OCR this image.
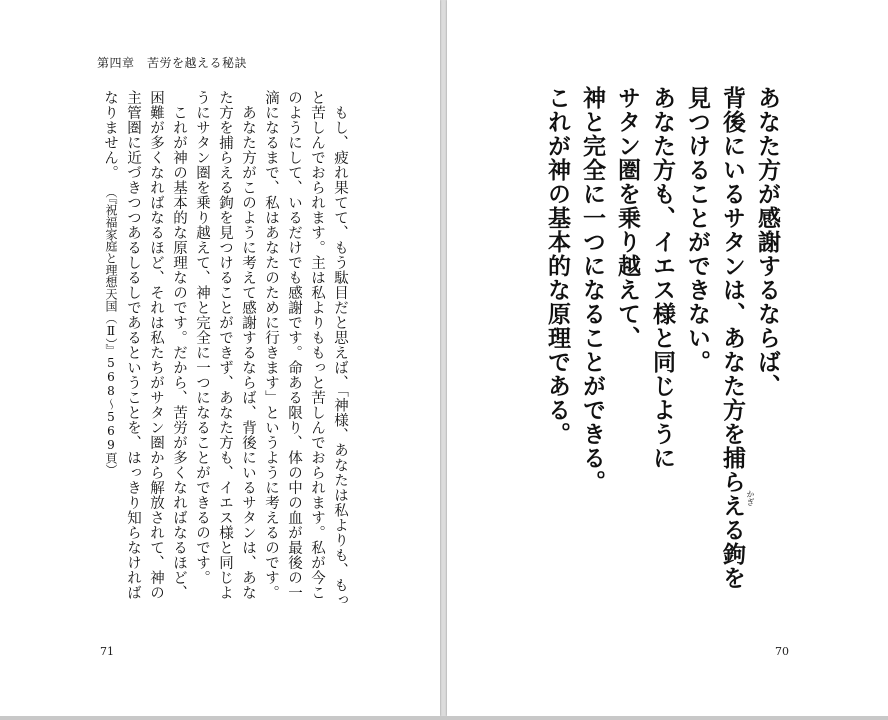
第四章　苦労を越える秘訣
　もし、疲れ果てて、もう駄目だと思えば、「神様、あなたは私よりも、もっ
と苦しんでおられます。主は私よりももっと苦しんでおられます。私が今こ
のようにして、いるだけでも感謝です。命ある限り、体の中の血が最後の一
滴になるまで、私はあなたのために行きます」というように考えるのです。
　あなた方がこのように考えて感謝するならば、背後にいるサタンは、あな
た方を捕らえる鉤を見つけることができず、あなた方も、イエス様と同じよ
うにサタン圏を乗り越えて、神と完全に一つになることができるのです。
　これが神の基本的な原理なのです。だから、苦労が多くなればなるほど、
困難が多くなればなるほど、それは私たちがサタン圏から解放されて、神の
主管圏に近づきつつあるしるしであるということを、はっきり知らなければ
なりません。
（『祝福家庭と理想天国（Ⅱ）』568〜569頁）
71
あなた方が感謝するならば、
背後にいるサタンは、あなた方を捕らえる鉤を かぎ
見つけることができない。
あなた方も、イエス様と同じように
サタン圏を乗り越えて、
神と完全に一つになることができる。
これが神の基本的な原理である。
70
